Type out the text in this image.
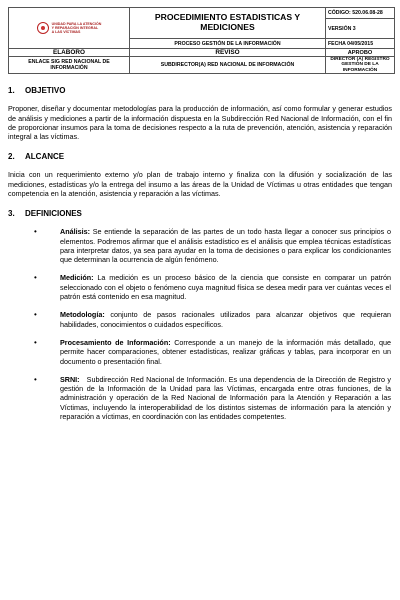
UNIDAD PARA LA ATENCIÓN
Y REPARACIÓN INTEGRAL
A LAS VÍCTIMAS	PROCEDIMIENTO ESTADISTICAS Y MEDICIONES	CÓDIGO: 520.06.08-28
		VERSIÓN 3
	PROCESO GESTIÓN DE LA INFORMACIÓN	FECHA 04/05/2015
ELABORO	REVISÓ	APROBO
ENLACE SIG RED NACIONAL DE INFORMACIÓN	SUBDIRECTOR(A) RED NACIONAL DE INFORMACIÓN	DIRECTOR (A) REGISTRO GESTIÓN DE LA INFORMACIÓN
1. OBJETIVO

Proponer, diseñar y documentar metodologías para la producción de información, así como formular y generar estudios de análisis y mediciones a partir de la información dispuesta en la Subdirección Red Nacional de Información, con el fin de proporcionar insumos para la toma de decisiones respecto a la ruta de prevención, atención, asistencia y reparación integral a las víctimas.

2. ALCANCE

Inicia con un requerimiento externo y/o plan de trabajo interno y finaliza con la difusión y socialización de las mediciones, estadísticas y/o la entrega del insumo a las áreas de la Unidad de Víctimas u otras entidades que tengan competencia en la atención, asistencia y reparación a las víctimas.

3. DEFINICIONES
•	Análisis: Se entiende la separación de las partes de un todo hasta llegar a conocer sus principios o elementos. Podremos afirmar que el análisis estadístico es el análisis que emplea técnicas estadísticas para interpretar datos, ya sea para ayudar en la toma de decisiones o para explicar los condicionantes que determinan la ocurrencia de algún fenómeno.
•	Medición: La medición es un proceso básico de la ciencia que consiste en comparar un patrón seleccionado con el objeto o fenómeno cuya magnitud física se desea medir para ver cuántas veces el patrón está contenido en esa magnitud.
•	Metodología: conjunto de pasos racionales utilizados para alcanzar objetivos que requieran habilidades, conocimientos o cuidados específicos.
•	Procesamiento de Información: Corresponde a un manejo de la información más detallado, que permite hacer comparaciones, obtener estadísticas, realizar gráficas y tablas, para incorporar en un documento o presentación final.
•	SRNI:   Subdirección Red Nacional de Información. Es una dependencia de la Dirección de Registro y gestión de la Información de la Unidad para las Víctimas, encargada entre otras funciones, de la administración y operación de la Red Nacional de Información para la Atención y Reparación a las Víctimas, incluyendo la interoperabilidad de los distintos sistemas de información para la atención y reparación a víctimas, en coordinación con las entidades competentes.
